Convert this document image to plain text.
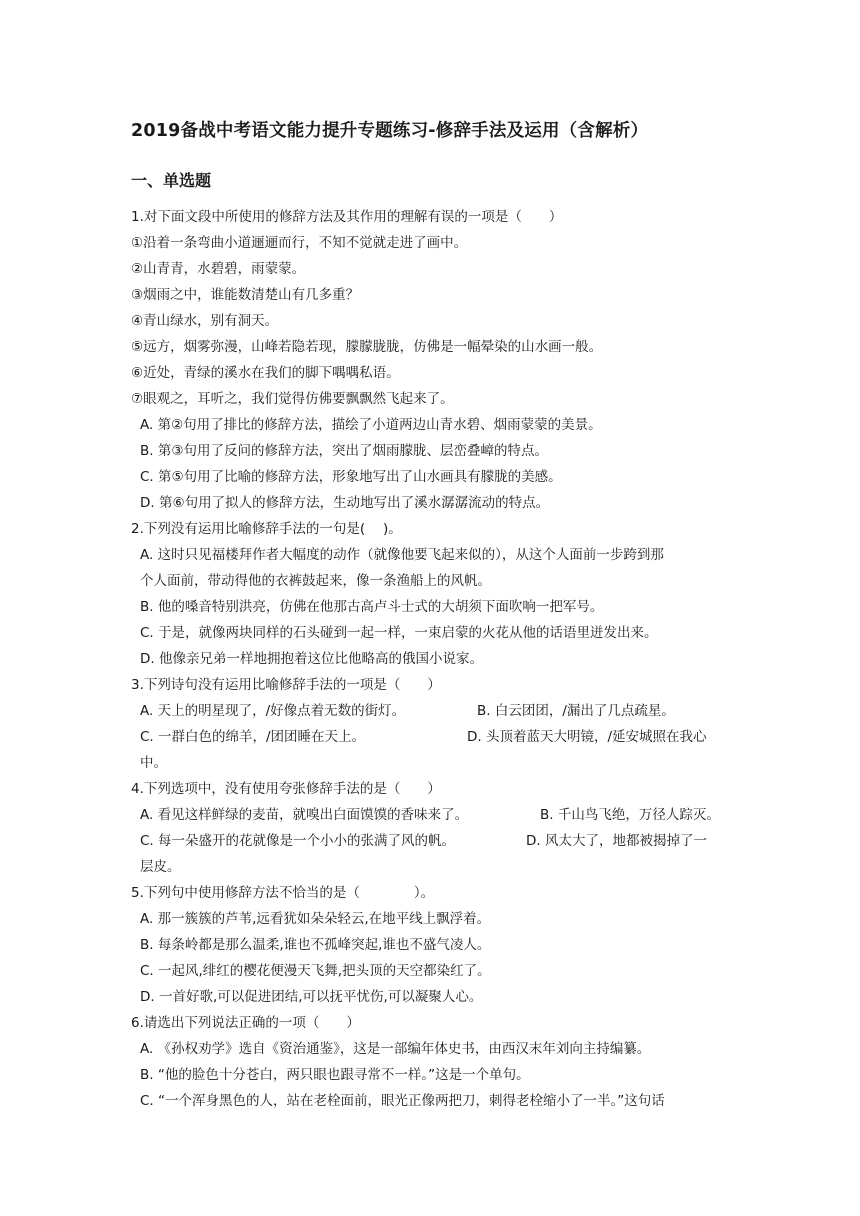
2019备战中考语文能力提升专题练习-修辞手法及运用（含解析）
一、单选题
1.对下面文段中所使用的修辞方法及其作用的理解有误的一项是（　　）
①沿着一条弯曲小道逦逦而行，不知不觉就走进了画中。
②山青青，水碧碧，雨蒙蒙。
③烟雨之中，谁能数清楚山有几多重？
④青山绿水，别有洞天。
⑤远方，烟雾弥漫，山峰若隐若现，朦朦胧胧，仿佛是一幅晕染的山水画一般。
⑥近处，青绿的溪水在我们的脚下喁喁私语。
⑦眼观之，耳听之，我们觉得仿佛要飘飘然飞起来了。
A. 第②句用了排比的修辞方法，描绘了小道两边山青水碧、烟雨蒙蒙的美景。
B. 第③句用了反问的修辞方法，突出了烟雨朦胧、层峦叠嶂的特点。
C. 第⑤句用了比喻的修辞方法，形象地写出了山水画具有朦胧的美感。
D. 第⑥句用了拟人的修辞方法，生动地写出了溪水潺潺流动的特点。
2.下列没有运用比喻修辞手法的一句是(　 )。
A. 这时只见福楼拜作者大幅度的动作（就像他要飞起来似的），从这个人面前一步跨到那
个人面前，带动得他的衣裤鼓起来，像一条渔船上的风帆。
B. 他的嗓音特别洪亮，仿佛在他那古高卢斗士式的大胡须下面吹响一把军号。
C. 于是，就像两块同样的石头碰到一起一样，一束启蒙的火花从他的话语里迸发出来。
D. 他像亲兄弟一样地拥抱着这位比他略高的俄国小说家。
3.下列诗句没有运用比喻修辞手法的一项是（　　）
A. 天上的明星现了，/好像点着无数的街灯。	B. 白云团团，/漏出了几点疏星。
C. 一群白色的绵羊，/团团睡在天上。	D. 头顶着蓝天大明镜，/延安城照在我心
中。
4.下列选项中，没有使用夸张修辞手法的是（　　）
A. 看见这样鲜绿的麦苗，就嗅出白面馍馍的香味来了。	B. 千山鸟飞绝，万径人踪灭。
C. 每一朵盛开的花就像是一个小小的张满了风的帆。	D. 风太大了，地都被揭掉了一
层皮。
5.下列句中使用修辞方法不恰当的是（　　　　）。
A. 那一簇簇的芦苇,远看犹如朵朵轻云,在地平线上飘浮着。
B. 每条岭都是那么温柔,谁也不孤峰突起,谁也不盛气凌人。
C. 一起风,绯红的樱花便漫天飞舞,把头顶的天空都染红了。
D. 一首好歌,可以促进团结,可以抚平忧伤,可以凝聚人心。
6.请选出下列说法正确的一项（　　）
A. 《孙权劝学》选自《资治通鉴》，这是一部编年体史书，由西汉末年刘向主持编纂。
B. “他的脸色十分苍白，两只眼也跟寻常不一样。”这是一个单句。
C. “一个浑身黑色的人，站在老栓面前，眼光正像两把刀，刺得老栓缩小了一半。”这句话
